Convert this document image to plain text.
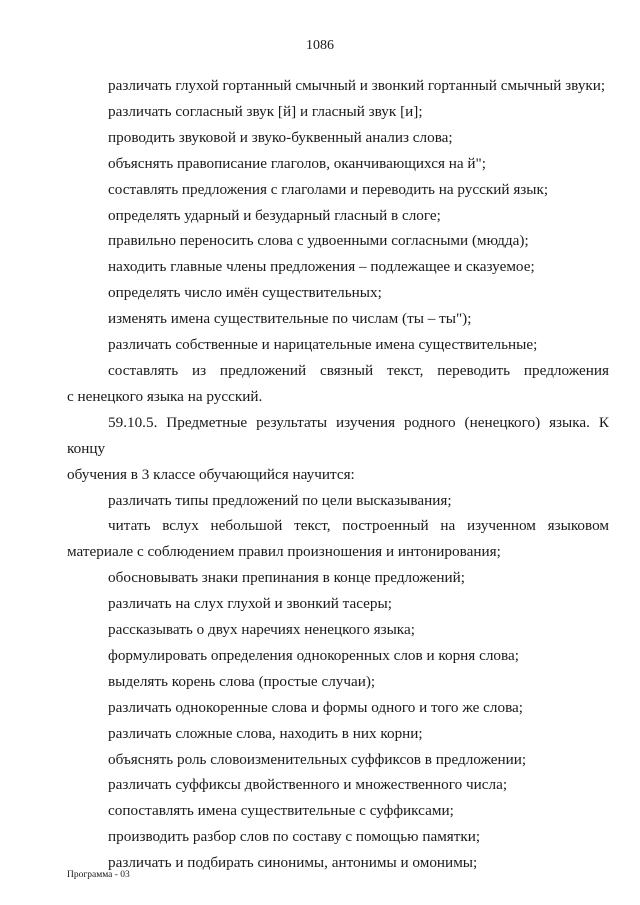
1086
различать глухой гортанный смычный и звонкий гортанный смычный звуки;
различать согласный звук [й] и гласный звук [и];
проводить звуковой и звуко-буквенный анализ слова;
объяснять правописание глаголов, оканчивающихся на й";
составлять предложения с глаголами и переводить на русский язык;
определять ударный и безударный гласный в слоге;
правильно переносить слова с удвоенными согласными (мюдда);
находить главные члены предложения – подлежащее и сказуемое;
определять число имён существительных;
изменять имена существительные по числам (ты – ты");
различать собственные и нарицательные имена существительные;
составлять из предложений связный текст, переводить предложения
с ненецкого языка на русский.
59.10.5. Предметные результаты изучения родного (ненецкого) языка. К концу
обучения в 3 классе обучающийся научится:
различать типы предложений по цели высказывания;
читать вслух небольшой текст, построенный на изученном языковом
материале с соблюдением правил произношения и интонирования;
обосновывать знаки препинания в конце предложений;
различать на слух глухой и звонкий тасеры;
рассказывать о двух наречиях ненецкого языка;
формулировать определения однокоренных слов и корня слова;
выделять корень слова (простые случаи);
различать однокоренные слова и формы одного и того же слова;
различать сложные слова, находить в них корни;
объяснять роль словоизменительных суффиксов в предложении;
различать суффиксы двойственного и множественного числа;
сопоставлять имена существительные с суффиксами;
производить разбор слов по составу с помощью памятки;
различать и подбирать синонимы, антонимы и омонимы;
Программа - 03
